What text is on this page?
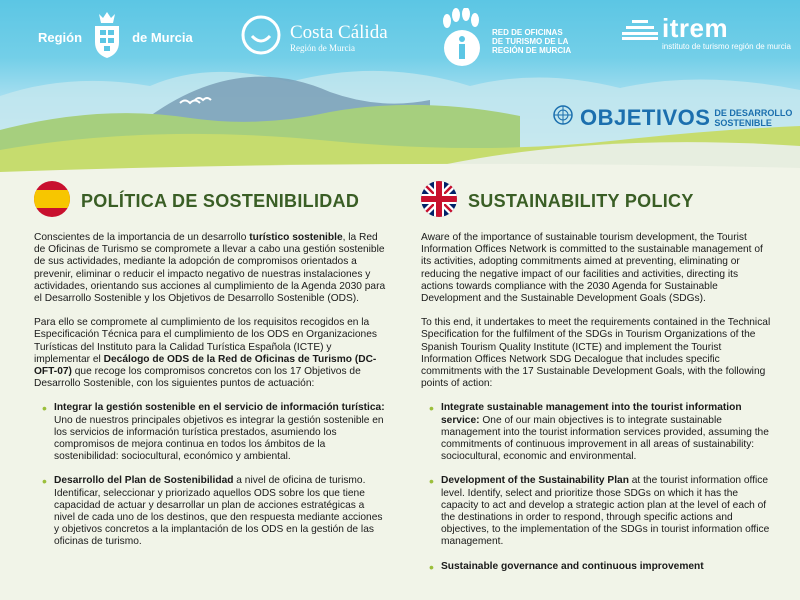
Región	de Murcia	Costa Cálida
Región de Murcia
RED DE OFICINAS
DE TURISMO DE LA
REGIÓN DE MURCIA
itrem
instituto de turismo región de murcia
OBJETIVOS DE DESARROLLO
SOSTENIBLE
POLÍTICA DE SOSTENIBILIDAD	SUSTAINABILITY POLICY

Conscientes de la importancia de un desarrollo turístico sostenible, la Red de Oficinas de Turismo se compromete a llevar a cabo una gestión sostenible de sus actividades, mediante la adopción de compromisos orientados a prevenir, eliminar o reducir el impacto negativo de nuestras instalaciones y actividades, orientando sus acciones al cumplimiento de la Agenda 2030 para el Desarrollo Sostenible y los Objetivos de Desarrollo Sostenible (ODS).

Para ello se compromete al cumplimiento de los requisitos recogidos en la Especificación Técnica para el cumplimiento de los ODS en Organizaciones Turísticas del Instituto para la Calidad Turística Española (ICTE) y implementar el Decálogo de ODS de la Red de Oficinas de Turismo (DC-OFT-07) que recoge los compromisos concretos con los 17 Objetivos de Desarrollo Sostenible, con los siguientes puntos de actuación:

• Integrar la gestión sostenible en el servicio de información turística: Uno de nuestros principales objetivos es integrar la gestión sostenible en los servicios de información turística prestados, asumiendo los compromisos de mejora continua en todos los ámbitos de la sostenibilidad: sociocultural, económico y ambiental.
• Desarrollo del Plan de Sostenibilidad a nivel de oficina de turismo. Identificar, seleccionar y priorizado aquellos ODS sobre los que tiene capacidad de actuar y desarrollar un plan de acciones estratégicas a nivel de cada uno de los destinos, que den respuesta mediante acciones y objetivos concretos a la implantación de los ODS en la gestión de las oficinas de turismo.

Aware of the importance of sustainable tourism development, the Tourist Information Offices Network is committed to the sustainable management of its activities, adopting commitments aimed at preventing, eliminating or reducing the negative impact of our facilities and activities, directing its actions towards compliance with the 2030 Agenda for Sustainable Development and the Sustainable Development Goals (SDGs).

To this end, it undertakes to meet the requirements contained in the Technical Specification for the fulfilment of the SDGs in Tourism Organizations of the Spanish Tourism Quality Institute (ICTE) and implement the Tourist Information Offices Network SDG Decalogue that includes specific commitments with the 17 Sustainable Development Goals, with the following points of action:

• Integrate sustainable management into the tourist information service: One of our main objectives is to integrate sustainable management into the tourist information services provided, assuming the commitments of continuous improvement in all areas of sustainability: sociocultural, economic and environmental.
• Development of the Sustainability Plan at the tourist information office level. Identify, select and prioritize those SDGs on which it has the capacity to act and develop a strategic action plan at the level of each of the destinations in order to respond, through specific actions and objectives, to the implementation of the SDGs in tourist information office management.
• Sustainable governance and continuous improvement
